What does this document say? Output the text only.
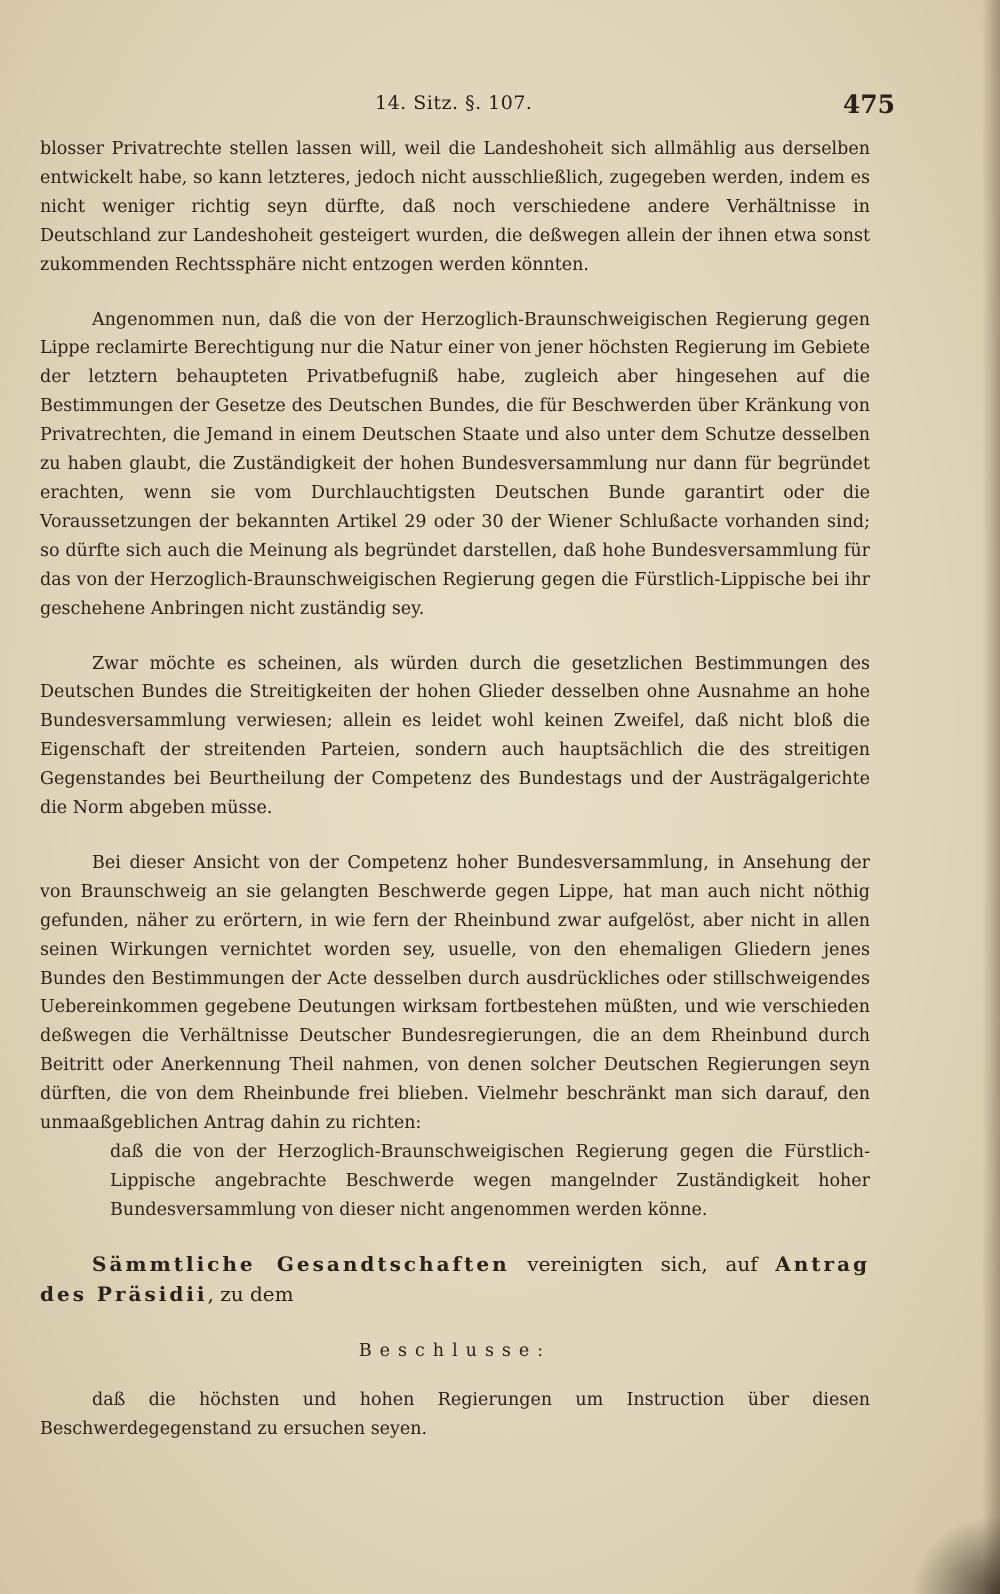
14. Sitz. §. 107.	475

blosser Privatrechte stellen lassen will, weil die Landeshoheit sich allmählig aus derselben entwickelt habe, so kann letzteres, jedoch nicht ausschließlich, zugegeben werden, indem es nicht weniger richtig seyn dürfte, daß noch verschiedene andere Verhältnisse in Deutschland zur Landeshoheit gesteigert wurden, die deßwegen allein der ihnen etwa sonst zukommenden Rechtssphäre nicht entzogen werden könnten.

Angenommen nun, daß die von der Herzoglich-Braunschweigischen Regierung gegen Lippe reclamirte Berechtigung nur die Natur einer von jener höchsten Regierung im Gebiete der letztern behaupteten Privatbefugniß habe, zugleich aber hingesehen auf die Bestimmungen der Gesetze des Deutschen Bundes, die für Beschwerden über Kränkung von Privatrechten, die Jemand in einem Deutschen Staate und also unter dem Schutze desselben zu haben glaubt, die Zuständigkeit der hohen Bundesversammlung nur dann für begründet erachten, wenn sie vom Durchlauchtigsten Deutschen Bunde garantirt oder die Voraussetzungen der bekannten Artikel 29 oder 30 der Wiener Schlußacte vorhanden sind; so dürfte sich auch die Meinung als begründet darstellen, daß hohe Bundesversammlung für das von der Herzoglich-Braunschweigischen Regierung gegen die Fürstlich-Lippische bei ihr geschehene Anbringen nicht zuständig sey.

Zwar möchte es scheinen, als würden durch die gesetzlichen Bestimmungen des Deutschen Bundes die Streitigkeiten der hohen Glieder desselben ohne Ausnahme an hohe Bundesversammlung verwiesen; allein es leidet wohl keinen Zweifel, daß nicht bloß die Eigenschaft der streitenden Parteien, sondern auch hauptsächlich die des streitigen Gegenstandes bei Beurtheilung der Competenz des Bundestags und der Austrägalgerichte die Norm abgeben müsse.

Bei dieser Ansicht von der Competenz hoher Bundesversammlung, in Ansehung der von Braunschweig an sie gelangten Beschwerde gegen Lippe, hat man auch nicht nöthig gefunden, näher zu erörtern, in wie fern der Rheinbund zwar aufgelöst, aber nicht in allen seinen Wirkungen vernichtet worden sey, usuelle, von den ehemaligen Gliedern jenes Bundes den Bestimmungen der Acte desselben durch ausdrückliches oder stillschweigendes Uebereinkommen gegebene Deutungen wirksam fortbestehen müßten, und wie verschieden deßwegen die Verhältnisse Deutscher Bundesregierungen, die an dem Rheinbund durch Beitritt oder Anerkennung Theil nahmen, von denen solcher Deutschen Regierungen seyn dürften, die von dem Rheinbunde frei blieben. Vielmehr beschränkt man sich darauf, den unmaaßgeblichen Antrag dahin zu richten:

daß die von der Herzoglich-Braunschweigischen Regierung gegen die Fürstlich-Lippische angebrachte Beschwerde wegen mangelnder Zuständigkeit hoher Bundesversammlung von dieser nicht angenommen werden könne.

Sämmtliche Gesandtschaften vereinigten sich, auf Antrag des Präsidii, zu dem

Beschlusse:

daß die höchsten und hohen Regierungen um Instruction über diesen Beschwerdegegenstand zu ersuchen seyen.
